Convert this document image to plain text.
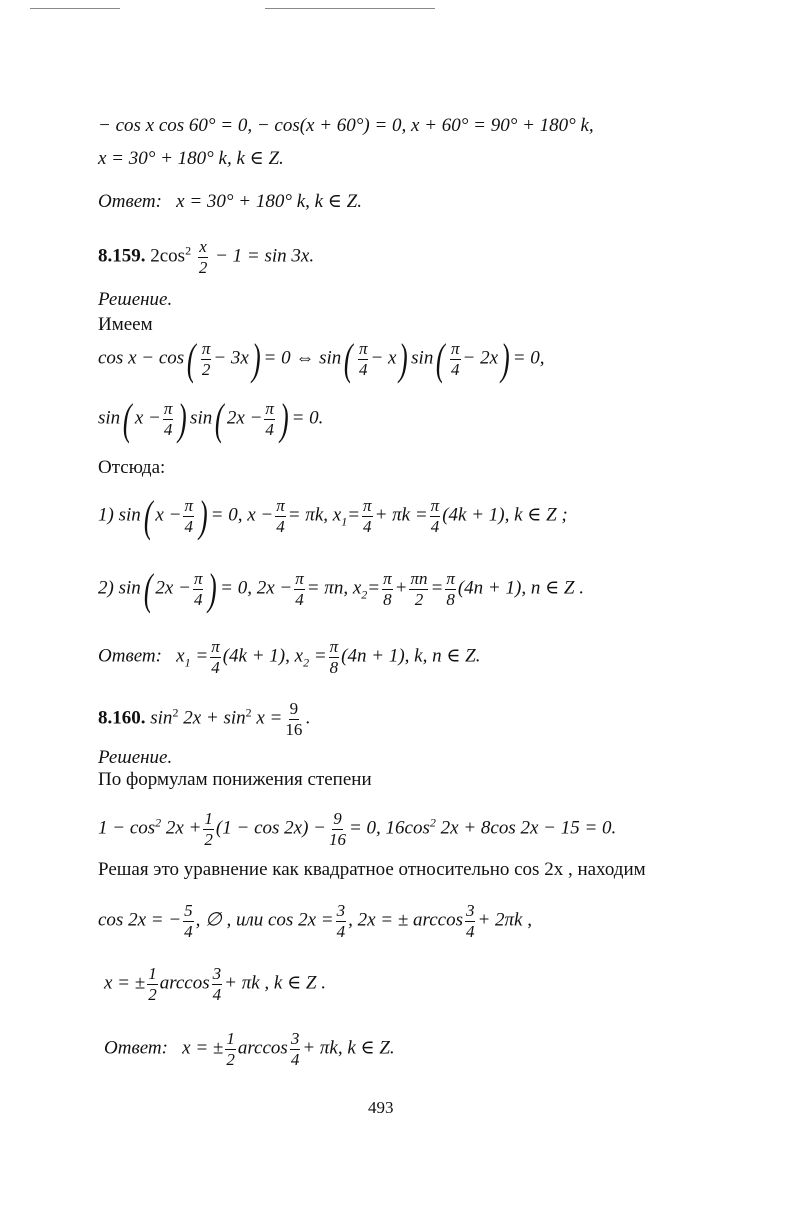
− cos x cos 60° = 0, − cos(x + 60°) = 0, x + 60° = 90° + 180° k,
x = 30° + 180° k, k ∈ Z.
Ответ: x = 30° + 180° k, k ∈ Z.
8.159. $2\cos^2 \frac{x}{2} - 1 = \sin 3x$.
Решение.
Имеем
$\cos x - \cos( \frac{\pi}{2} - 3x) = 0$ ⇔ $\sin( \frac{\pi}{4} - x)$ $\sin( \frac{\pi}{4} - 2x) = 0$,
sin( $x - \frac{\pi}{4}$ ) sin( $2x - \frac{\pi}{4}$ ) = 0.
Отсюда:
1) sin( $x - \frac{\pi}{4}$ ) = 0, $x - \frac{\pi}{4} = \pi k$, $x_1= \frac{\pi}{4} + \pi k = \frac{\pi}{4} (4k + 1)$, k ∈ Z ;
2) sin( $2x - \frac{\pi}{4}$ ) = 0, $2x - \frac{\pi}{4} = \pi n$, $x_2= \frac{\pi}{8} + \frac{\pi n}{2} = \frac{\pi}{8} (4n + 1)$, n ∈ Z .
Ответ: $x_1 = \frac{\pi}{4} (4k + 1)$, $x_2 = \frac{\pi}{8} (4n + 1)$, k, n ∈ Z.
8.160. $\sin^2 2x + \sin^2 x = \frac{9}{16}$ .
Решение.
По формулам понижения степени
$1 - \cos^2 2x + \frac{1}{2} (1 - \cos 2x) - \frac{9}{16} = 0$, $16\cos^2$ 2x + 8cos 2x − 15 = 0.
Решая это уравнение как квадратное относительно cos 2x , находим
cos 2x = − $\frac{5}{4}$ , ∅ , или $\cos 2x = \frac{3}{4}$ , 2x = ± $\arccos \frac{3}{4} + 2\pi k$ ,
x = ± $\frac{1}{2}$ $\arccos \frac{3}{4} + \pi k$ , k ∈ Z .
Ответ: x = ± $\frac{1}{2}$ $\arccos \frac{3}{4} + \pi k$, k ∈ Z.
493
